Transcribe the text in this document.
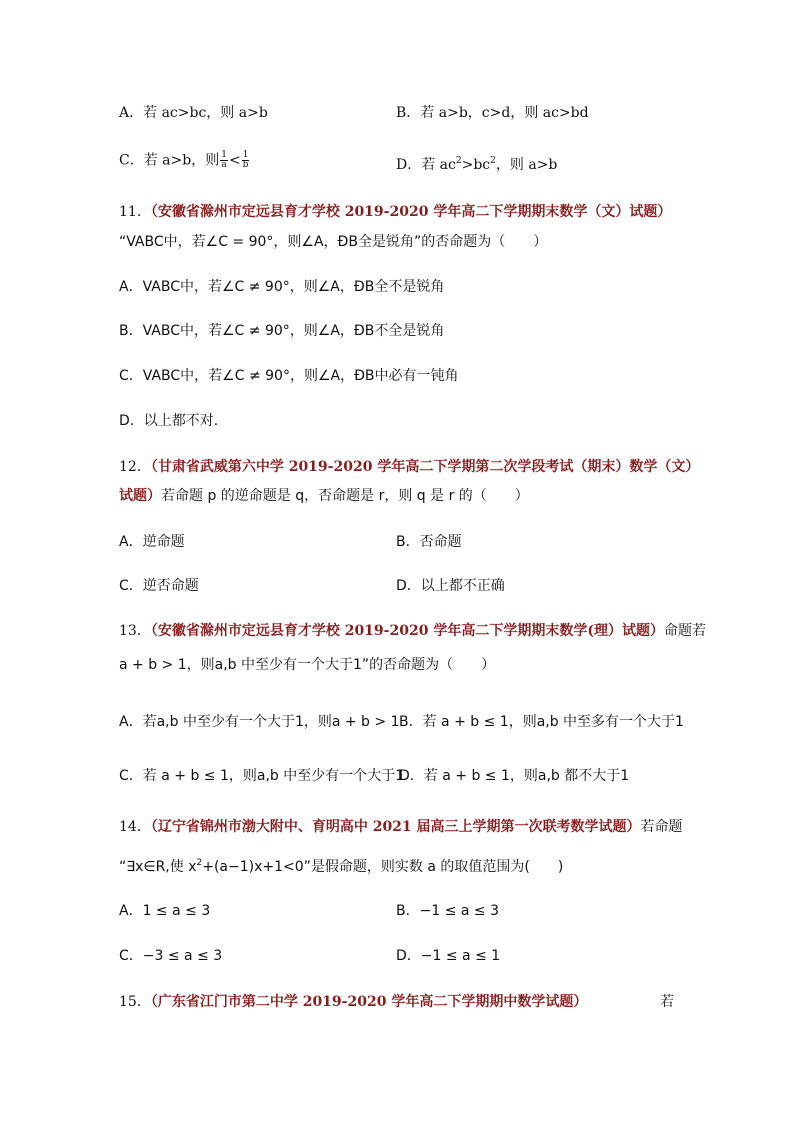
A．若 ac>bc，则 a>b	B．若 a>b，c>d，则 ac>bd
C．若 a>b，则 $\frac{1}{a} < \frac{1}{b}$	D．若 $ac^2>bc^2$，则 a>b
11．（安徽省滁州市定远县育才学校 2019-2020 学年高二下学期期末数学（文）试题）
“VABC中，若∠C = 90°，则∠A，ÐB全是锐角”的否命题为（　　）
A．VABC中，若∠C ≠ 90°，则∠A，ÐB全不是锐角
B．VABC中，若∠C ≠ 90°，则∠A，ÐB不全是锐角
C．VABC中，若∠C ≠ 90°，则∠A，ÐB中必有一钝角
D．以上都不对.
12．（甘肃省武威第六中学 2019-2020 学年高二下学期第二次学段考试（期末）数学（文）
试题）若命题 p 的逆命题是 q，否命题是 r，则 q 是 r 的（　　）
A．逆命题	B．否命题
C．逆否命题	D．以上都不正确
13．（安徽省滁州市定远县育才学校 2019-2020 学年高二下学期期末数学(理）试题）命题若
a + b > 1，则a,b 中至少有一个大于1”的否命题为（　　）
A．若a,b 中至少有一个大于1，则a + b > 1 B．若 a + b ≤ 1，则a,b 中至多有一个大于1
C．若 a + b ≤ 1，则a,b 中至少有一个大于1
D．若 a + b ≤ 1，则a,b 都不大于1
14．（辽宁省锦州市渤大附中、育明高中 2021 届高三上学期第一次联考数学试题）若命题
“∃x∈R,使 $x^2+(a-1)x+1<0$”是假命题，则实数 a 的取值范围为(　　)
A．1 ≤ a ≤ 3	B．−1 ≤ a ≤ 3
C．−3 ≤ a ≤ 3	D．−1 ≤ a ≤ 1
15．（广东省江门市第二中学 2019-2020 学年高二下学期期中数学试题）	若
